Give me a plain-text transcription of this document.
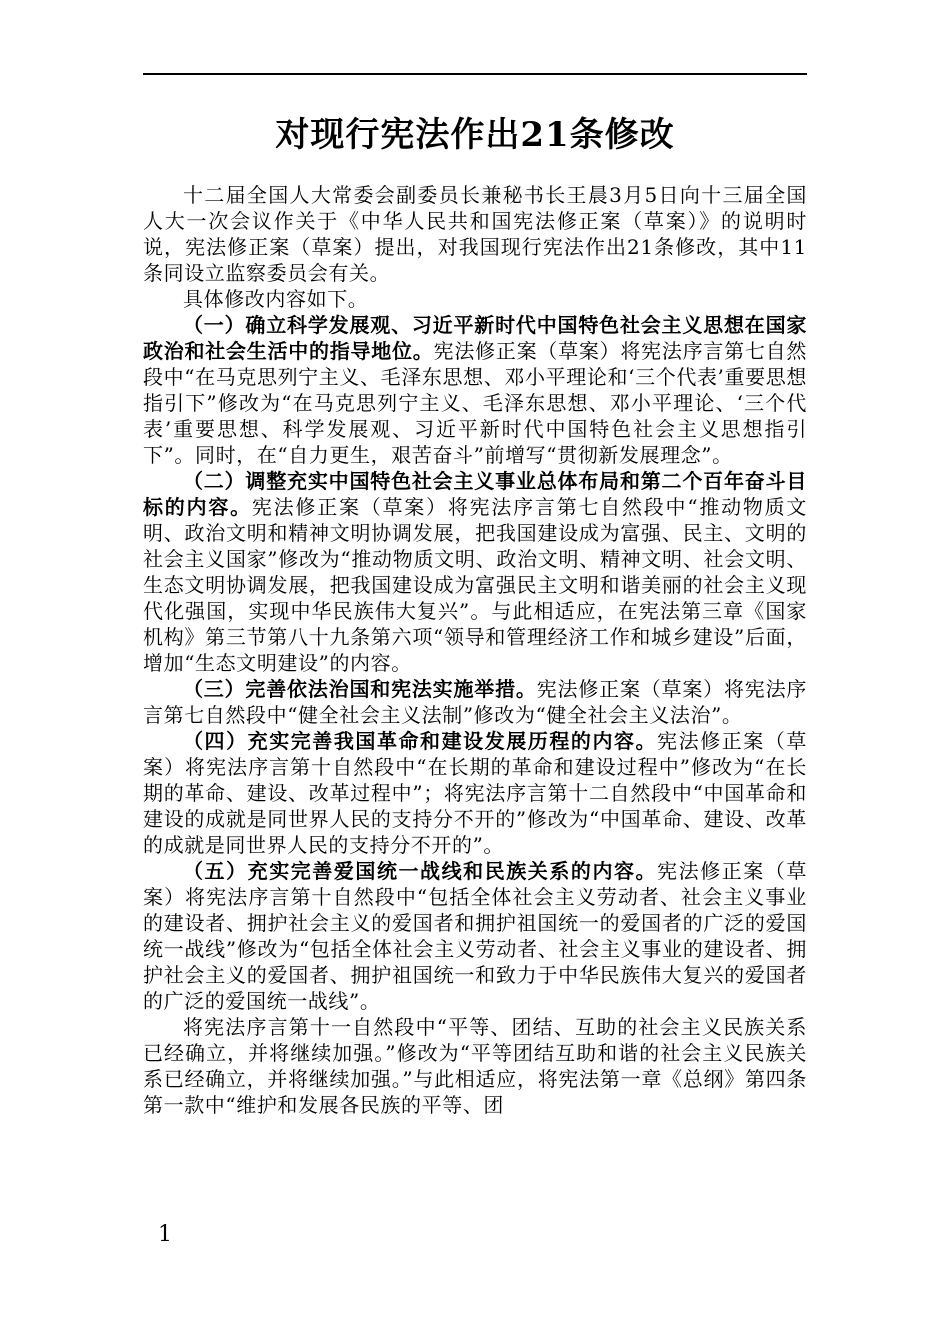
对现行宪法作出21条修改

十二届全国人大常委会副委员长兼秘书长王晨3月5日向十三届全国人大一次会议作关于《中华人民共和国宪法修正案（草案）》的说明时说，宪法修正案（草案）提出，对我国现行宪法作出21条修改，其中11条同设立监察委员会有关。

具体修改内容如下。

（一）确立科学发展观、习近平新时代中国特色社会主义思想在国家政治和社会生活中的指导地位。宪法修正案（草案）将宪法序言第七自然段中“在马克思列宁主义、毛泽东思想、邓小平理论和‘三个代表’重要思想指引下”修改为“在马克思列宁主义、毛泽东思想、邓小平理论、‘三个代表’重要思想、科学发展观、习近平新时代中国特色社会主义思想指引下”。同时，在“自力更生，艰苦奋斗”前增写“贯彻新发展理念”。

（二）调整充实中国特色社会主义事业总体布局和第二个百年奋斗目标的内容。宪法修正案（草案）将宪法序言第七自然段中“推动物质文明、政治文明和精神文明协调发展，把我国建设成为富强、民主、文明的社会主义国家”修改为“推动物质文明、政治文明、精神文明、社会文明、生态文明协调发展，把我国建设成为富强民主文明和谐美丽的社会主义现代化强国，实现中华民族伟大复兴”。与此相适应，在宪法第三章《国家机构》第三节第八十九条第六项“领导和管理经济工作和城乡建设”后面，增加“生态文明建设”的内容。

（三）完善依法治国和宪法实施举措。宪法修正案（草案）将宪法序言第七自然段中“健全社会主义法制”修改为“健全社会主义法治”。

（四）充实完善我国革命和建设发展历程的内容。宪法修正案（草案）将宪法序言第十自然段中“在长期的革命和建设过程中”修改为“在长期的革命、建设、改革过程中”；将宪法序言第十二自然段中“中国革命和建设的成就是同世界人民的支持分不开的”修改为“中国革命、建设、改革的成就是同世界人民的支持分不开的”。

（五）充实完善爱国统一战线和民族关系的内容。宪法修正案（草案）将宪法序言第十自然段中“包括全体社会主义劳动者、社会主义事业的建设者、拥护社会主义的爱国者和拥护祖国统一的爱国者的广泛的爱国统一战线”修改为“包括全体社会主义劳动者、社会主义事业的建设者、拥护社会主义的爱国者、拥护祖国统一和致力于中华民族伟大复兴的爱国者的广泛的爱国统一战线”。

将宪法序言第十一自然段中“平等、团结、互助的社会主义民族关系已经确立，并将继续加强。”修改为“平等团结互助和谐的社会主义民族关系已经确立，并将继续加强。”与此相适应，将宪法第一章《总纲》第四条第一款中“维护和发展各民族的平等、团

1
